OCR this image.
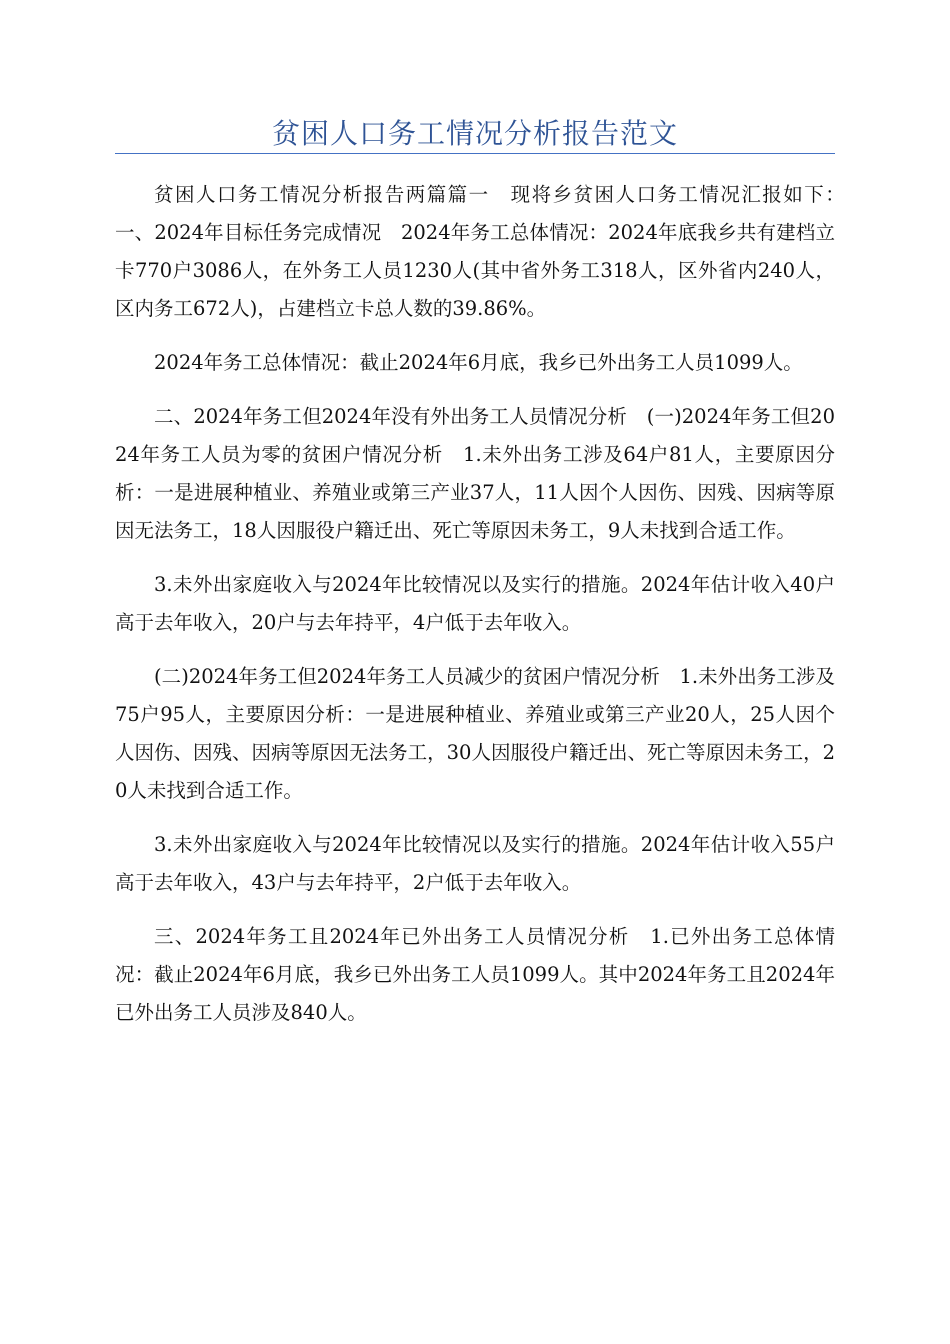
贫困人口务工情况分析报告范文

贫困人口务工情况分析报告两篇篇一　现将乡贫困人口务工情况汇报如下：　一、2024年目标任务完成情况　2024年务工总体情况：2024年底我乡共有建档立卡770户3086人，在外务工人员1230人(其中省外务工318人，区外省内240人，区内务工672人)，占建档立卡总人数的39.86%。

2024年务工总体情况：截止2024年6月底，我乡已外出务工人员1099人。

二、2024年务工但2024年没有外出务工人员情况分析　(一)2024年务工但2024年务工人员为零的贫困户情况分析　1.未外出务工涉及64户81人，主要原因分析：一是进展种植业、养殖业或第三产业37人，11人因个人因伤、因残、因病等原因无法务工，18人因服役户籍迁出、死亡等原因未务工，9人未找到合适工作。

3.未外出家庭收入与2024年比较情况以及实行的措施。2024年估计收入40户高于去年收入，20户与去年持平，4户低于去年收入。

(二)2024年务工但2024年务工人员减少的贫困户情况分析　1.未外出务工涉及75户95人，主要原因分析：一是进展种植业、养殖业或第三产业20人，25人因个人因伤、因残、因病等原因无法务工，30人因服役户籍迁出、死亡等原因未务工，20人未找到合适工作。

3.未外出家庭收入与2024年比较情况以及实行的措施。2024年估计收入55户高于去年收入，43户与去年持平，2户低于去年收入。

三、2024年务工且2024年已外出务工人员情况分析　1.已外出务工总体情况：截止2024年6月底，我乡已外出务工人员1099人。其中2024年务工且2024年已外出务工人员涉及840人。
